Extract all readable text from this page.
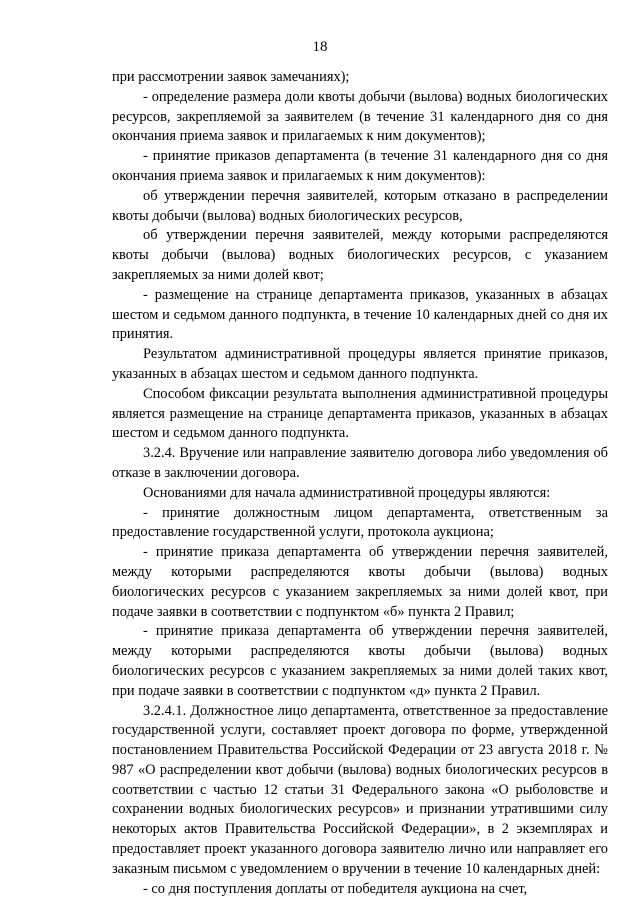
18

при рассмотрении заявок замечаниях);

- определение размера доли квоты добычи (вылова) водных биологических ресурсов, закрепляемой за заявителем (в течение 31 календарного дня со дня окончания приема заявок и прилагаемых к ним документов);

- принятие приказов департамента (в течение 31 календарного дня со дня окончания приема заявок и прилагаемых к ним документов):

об утверждении перечня заявителей, которым отказано в распределении квоты добычи (вылова) водных биологических ресурсов,

об утверждении перечня заявителей, между которыми распределяются квоты добычи (вылова) водных биологических ресурсов, с указанием закрепляемых за ними долей квот;

- размещение на странице департамента приказов, указанных в абзацах шестом и седьмом данного подпункта, в течение 10 календарных дней со дня их принятия.

Результатом административной процедуры является принятие приказов, указанных в абзацах шестом и седьмом данного подпункта.

Способом фиксации результата выполнения административной процедуры является размещение на странице департамента приказов, указанных в абзацах шестом и седьмом данного подпункта.

3.2.4. Вручение или направление заявителю договора либо уведомления об отказе в заключении договора.

Основаниями для начала административной процедуры являются:

- принятие должностным лицом департамента, ответственным за предоставление государственной услуги, протокола аукциона;

- принятие приказа департамента об утверждении перечня заявителей, между которыми распределяются квоты добычи (вылова) водных биологических ресурсов с указанием закрепляемых за ними долей квот, при подаче заявки в соответствии с подпунктом «б» пункта 2 Правил;

- принятие приказа департамента об утверждении перечня заявителей, между которыми распределяются квоты добычи (вылова) водных биологических ресурсов с указанием закрепляемых за ними долей таких квот, при подаче заявки в соответствии с подпунктом «д» пункта 2 Правил.

3.2.4.1. Должностное лицо департамента, ответственное за предоставление государственной услуги, составляет проект договора по форме, утвержденной постановлением Правительства Российской Федерации от 23 августа 2018 г. № 987 «О распределении квот добычи (вылова) водных биологических ресурсов в соответствии с частью 12 статьи 31 Федерального закона «О рыболовстве и сохранении водных биологических ресурсов» и признании утратившими силу некоторых актов Правительства Российской Федерации», в 2 экземплярах и предоставляет проект указанного договора заявителю лично или направляет его заказным письмом с уведомлением о вручении в течение 10 календарных дней:

- со дня поступления доплаты от победителя аукциона на счет,
